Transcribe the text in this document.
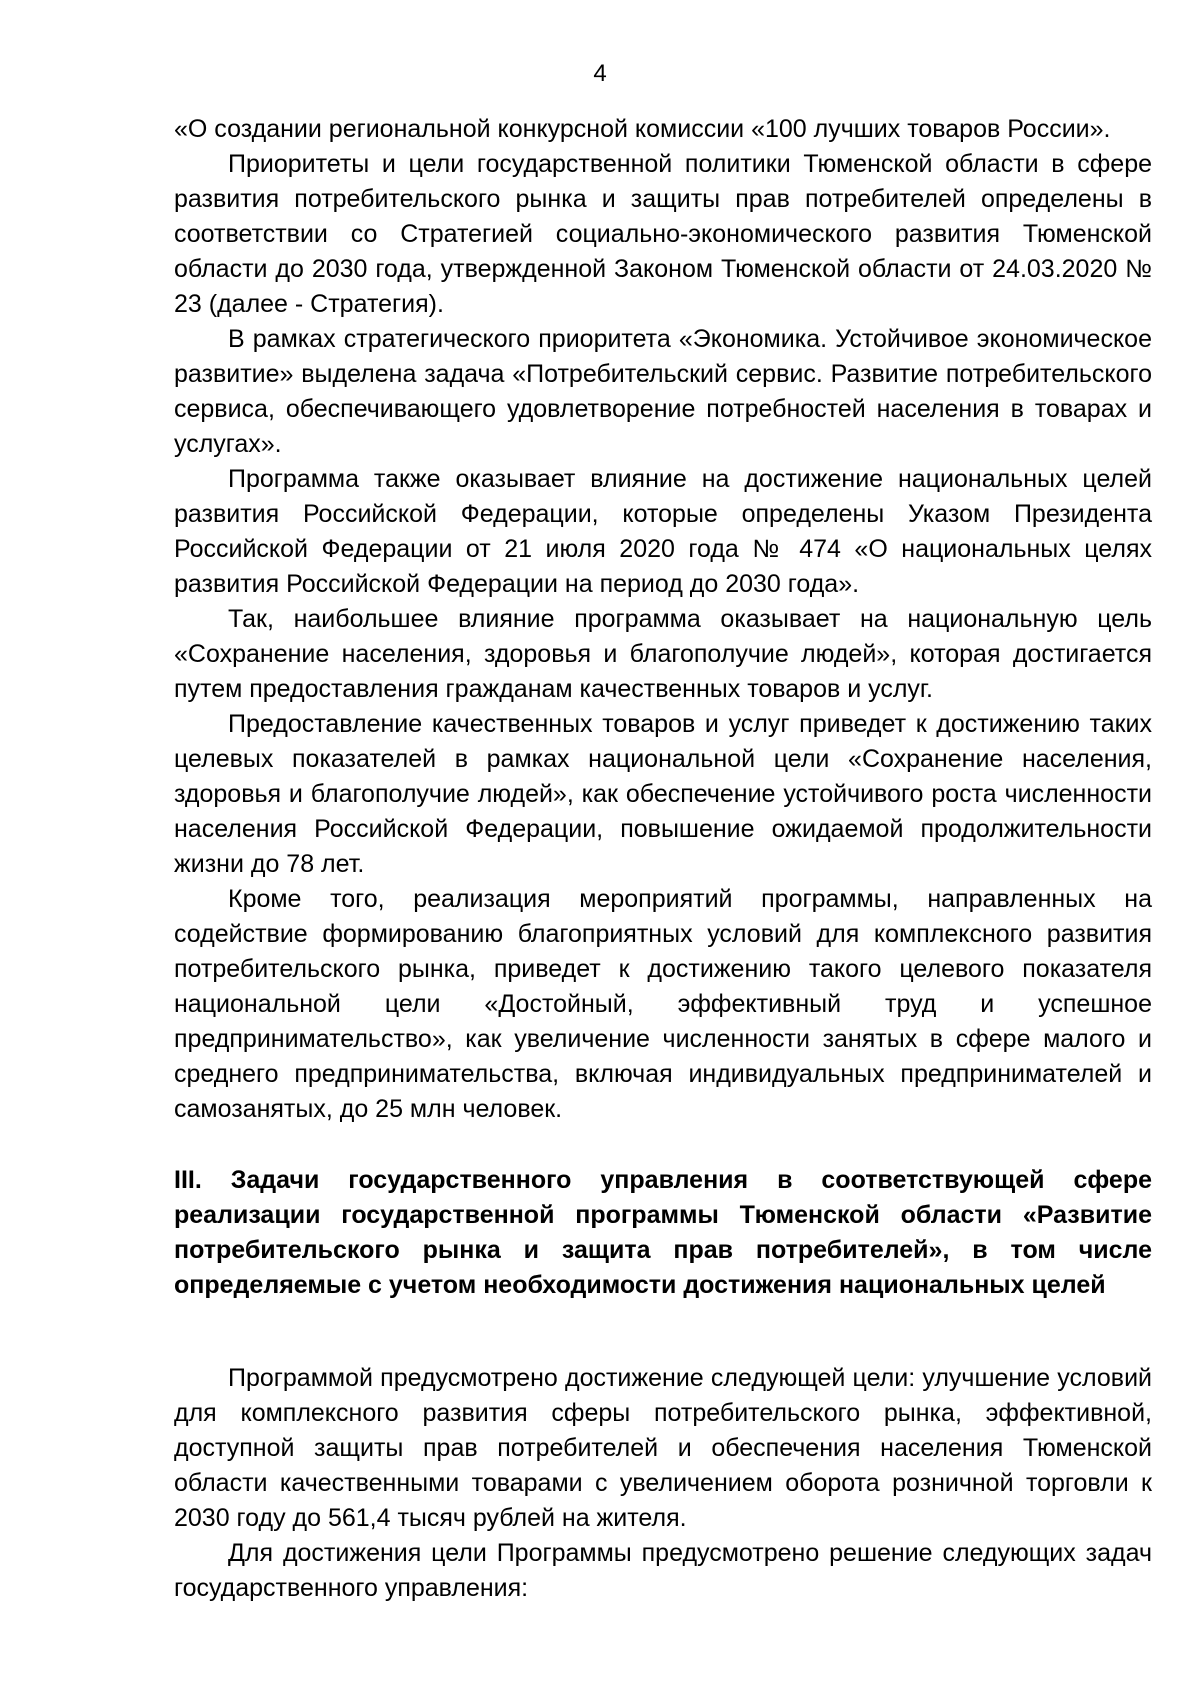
4

«О создании региональной конкурсной комиссии «100 лучших товаров России».

Приоритеты и цели государственной политики Тюменской области в сфере развития потребительского рынка и защиты прав потребителей определены в соответствии со Стратегией социально-экономического развития Тюменской области до 2030 года, утвержденной Законом Тюменской области от 24.03.2020 № 23 (далее - Стратегия).

В рамках стратегического приоритета «Экономика. Устойчивое экономическое развитие» выделена задача «Потребительский сервис. Развитие потребительского сервиса, обеспечивающего удовлетворение потребностей населения в товарах и услугах».

Программа также оказывает влияние на достижение национальных целей развития Российской Федерации, которые определены Указом Президента Российской Федерации от 21 июля 2020 года № 474 «О национальных целях развития Российской Федерации на период до 2030 года».

Так, наибольшее влияние программа оказывает на национальную цель «Сохранение населения, здоровья и благополучие людей», которая достигается путем предоставления гражданам качественных товаров и услуг.

Предоставление качественных товаров и услуг приведет к достижению таких целевых показателей в рамках национальной цели «Сохранение населения, здоровья и благополучие людей», как обеспечение устойчивого роста численности населения Российской Федерации, повышение ожидаемой продолжительности жизни до 78 лет.

Кроме того, реализация мероприятий программы, направленных на содействие формированию благоприятных условий для комплексного развития потребительского рынка, приведет к достижению такого целевого показателя национальной цели «Достойный, эффективный труд и успешное предпринимательство», как увеличение численности занятых в сфере малого и среднего предпринимательства, включая индивидуальных предпринимателей и самозанятых, до 25 млн человек.

III. Задачи государственного управления в соответствующей сфере реализации государственной программы Тюменской области «Развитие потребительского рынка и защита прав потребителей», в том числе определяемые с учетом необходимости достижения национальных целей

Программой предусмотрено достижение следующей цели: улучшение условий для комплексного развития сферы потребительского рынка, эффективной, доступной защиты прав потребителей и обеспечения населения Тюменской области качественными товарами с увеличением оборота розничной торговли к 2030 году до 561,4 тысяч рублей на жителя.

Для достижения цели Программы предусмотрено решение следующих задач государственного управления:
